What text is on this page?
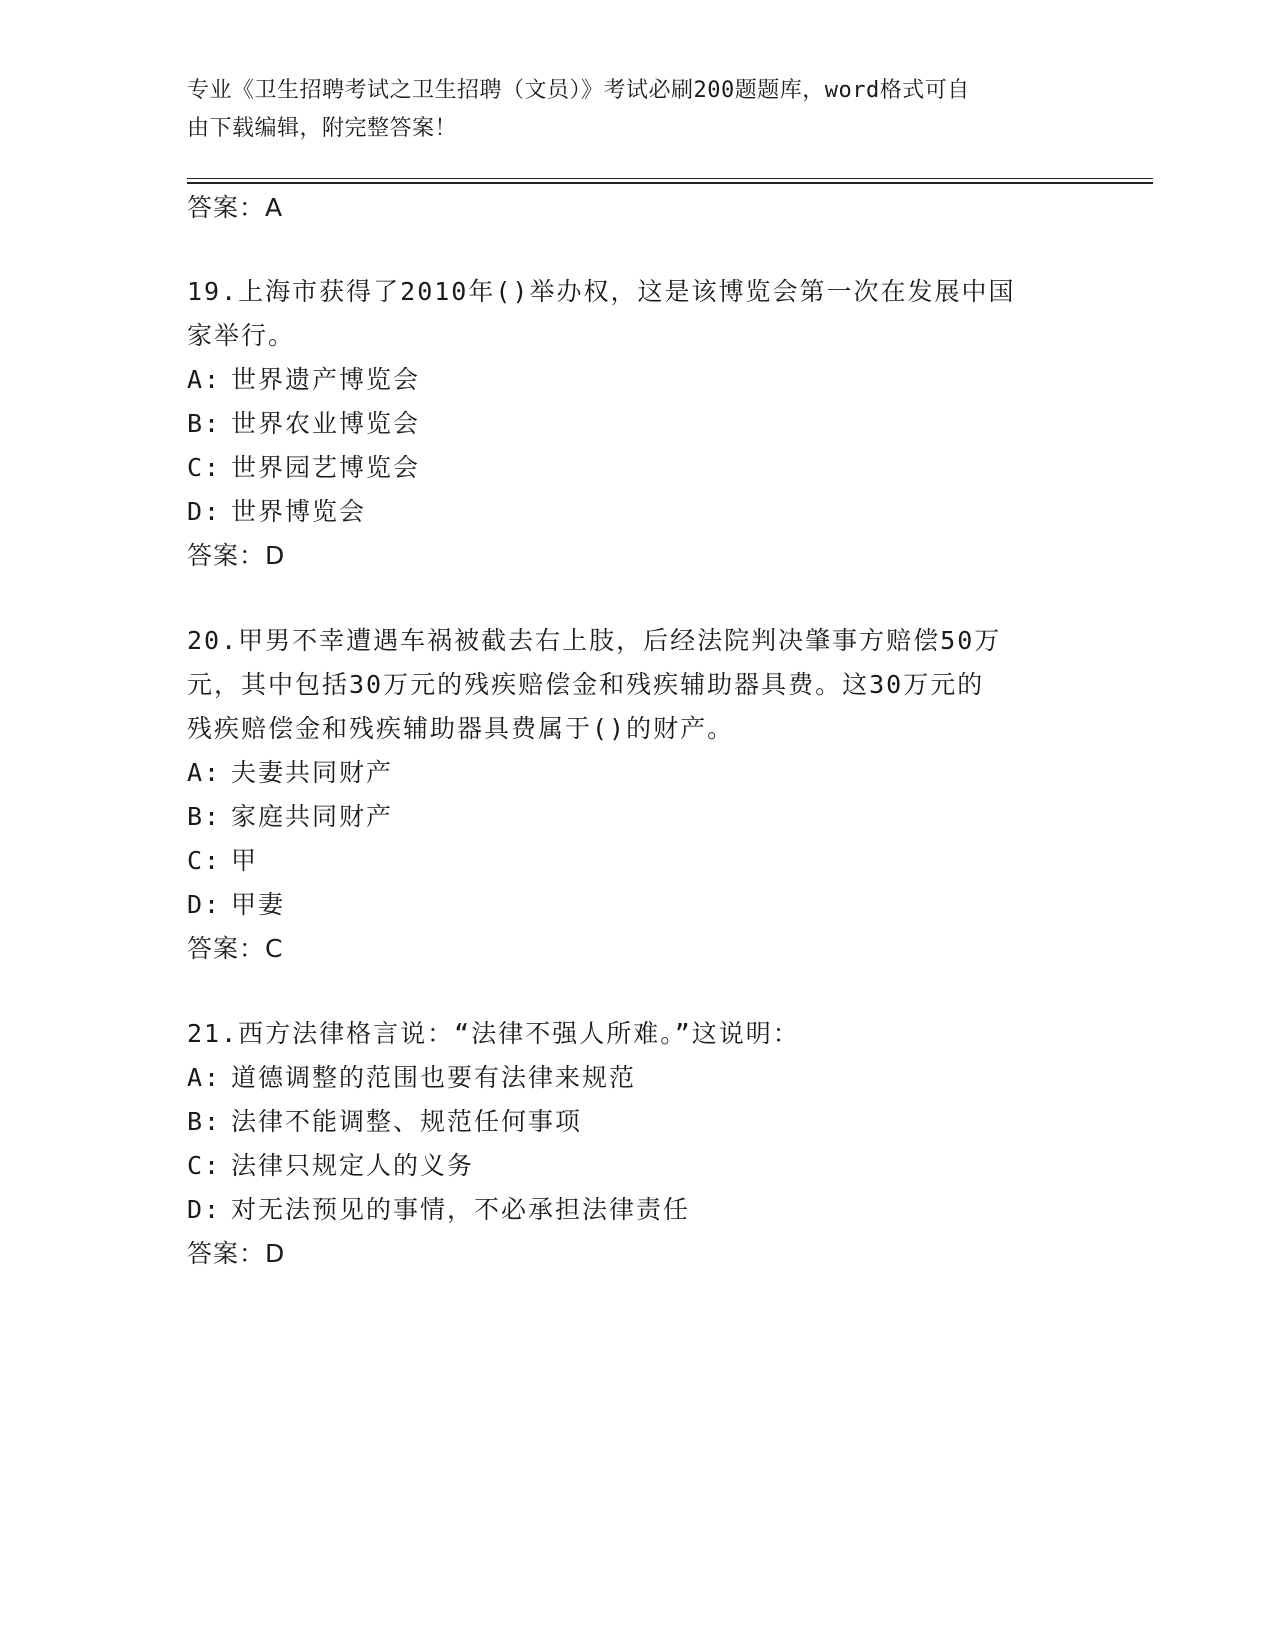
专业《卫生招聘考试之卫生招聘（文员）》考试必刷200题题库，word格式可自
由下载编辑，附完整答案！
答案：A
19.上海市获得了2010年()举办权，这是该博览会第一次在发展中国
家举行。
A: 世界遗产博览会
B: 世界农业博览会
C: 世界园艺博览会
D: 世界博览会
答案：D
20.甲男不幸遭遇车祸被截去右上肢，后经法院判决肇事方赔偿50万
元，其中包括30万元的残疾赔偿金和残疾辅助器具费。这30万元的
残疾赔偿金和残疾辅助器具费属于()的财产。
A: 夫妻共同财产
B: 家庭共同财产
C: 甲
D: 甲妻
答案：C
21.西方法律格言说：“法律不强人所难。”这说明：
A: 道德调整的范围也要有法律来规范
B: 法律不能调整、规范任何事项
C: 法律只规定人的义务
D: 对无法预见的事情，不必承担法律责任
答案：D
